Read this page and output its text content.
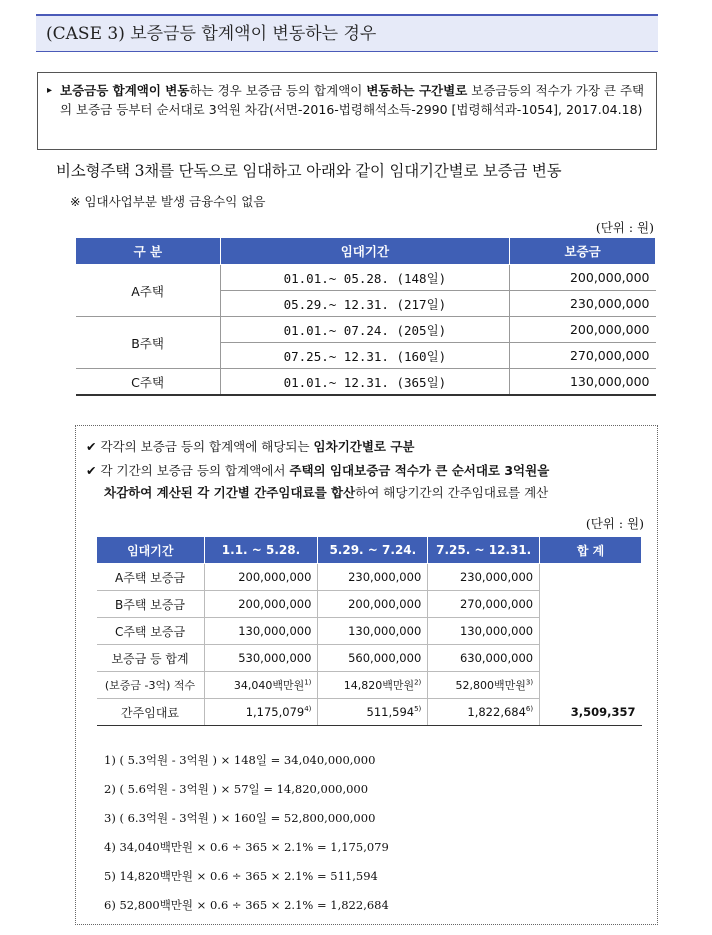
(CASE 3) 보증금등 합계액이 변동하는 경우
▸ 보증금등 합계액이 변동하는 경우 보증금 등의 합계액이 변동하는 구간별로 보증금등의 적수가 가장 큰 주택의 보증금 등부터 순서대로 3억원 차감(서면-2016-법령해석소득-2990 [법령해석과-1054], 2017.04.18)
비소형주택 3채를 단독으로 임대하고 아래와 같이 임대기간별로 보증금 변동
※ 임대사업부분 발생 금융수익 없음
(단위 : 원)
구 분	임대기간	보증금
A주택	01.01.~ 05.28. (148일)	200,000,000
	05.29.~ 12.31. (217일)	230,000,000
B주택	01.01.~ 07.24. (205일)	200,000,000
	07.25.~ 12.31. (160일)	270,000,000
C주택	01.01.~ 12.31. (365일)	130,000,000
✔ 각각의 보증금 등의 합계액에 해당되는 임차기간별로 구분
✔ 각 기간의 보증금 등의 합계액에서 주택의 임대보증금 적수가 큰 순서대로 3억원을
차감하여 계산된 각 기간별 간주임대료를 합산하여 해당기간의 간주임대료를 계산
(단위 : 원)
임대기간	1.1. ~ 5.28.	5.29. ~ 7.24.	7.25. ~ 12.31.	합 계
A주택 보증금	200,000,000	230,000,000	230,000,000	
B주택 보증금	200,000,000	200,000,000	270,000,000	
C주택 보증금	130,000,000	130,000,000	130,000,000	
보증금 등 합계	530,000,000	560,000,000	630,000,000	
(보증금 -3억) 적수	34,040백만원$^{1)}$	14,820백만원$^{2)}$	52,800백만원$^{3)}$	
간주임대료	1,175,079$^{4)}$	511,594$^{5)}$	1,822,684$^{6)}$	3,509,357
1) ( 5.3억원 - 3억원 ) × 148일 = 34,040,000,000
2) ( 5.6억원 - 3억원 ) × 57일 = 14,820,000,000
3) ( 6.3억원 - 3억원 ) × 160일 = 52,800,000,000
4) 34,040백만원 × 0.6 ÷ 365 × 2.1% = 1,175,079
5) 14,820백만원 × 0.6 ÷ 365 × 2.1% = 511,594
6) 52,800백만원 × 0.6 ÷ 365 × 2.1% = 1,822,684
